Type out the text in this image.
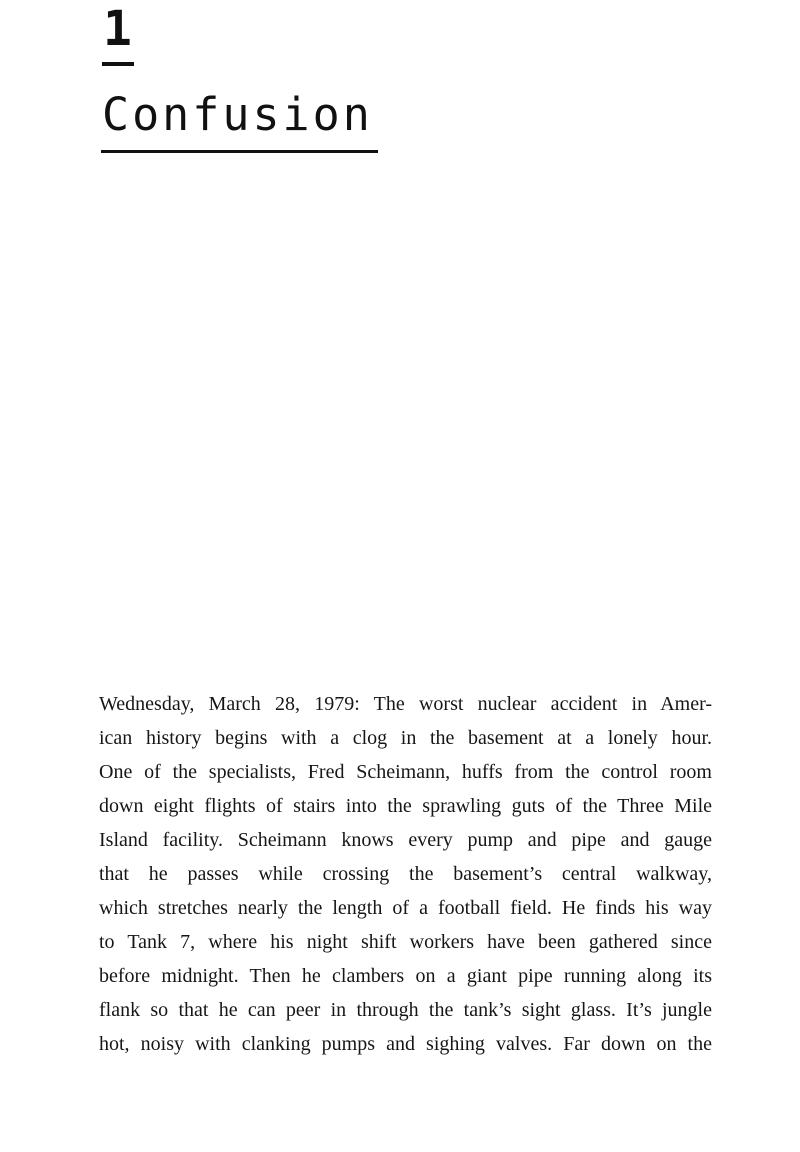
1
Confusion
Wednesday, March 28, 1979: The worst nuclear accident in Amer-
ican history begins with a clog in the basement at a lonely hour.
One of the specialists, Fred Scheimann, huffs from the control room
down eight flights of stairs into the sprawling guts of the Three Mile
Island facility. Scheimann knows every pump and pipe and gauge
that he passes while crossing the basement’s central walkway,
which stretches nearly the length of a football field. He finds his way
to Tank 7, where his night shift workers have been gathered since
before midnight. Then he clambers on a giant pipe running along its
flank so that he can peer in through the tank’s sight glass. It’s jungle
hot, noisy with clanking pumps and sighing valves. Far down on the
